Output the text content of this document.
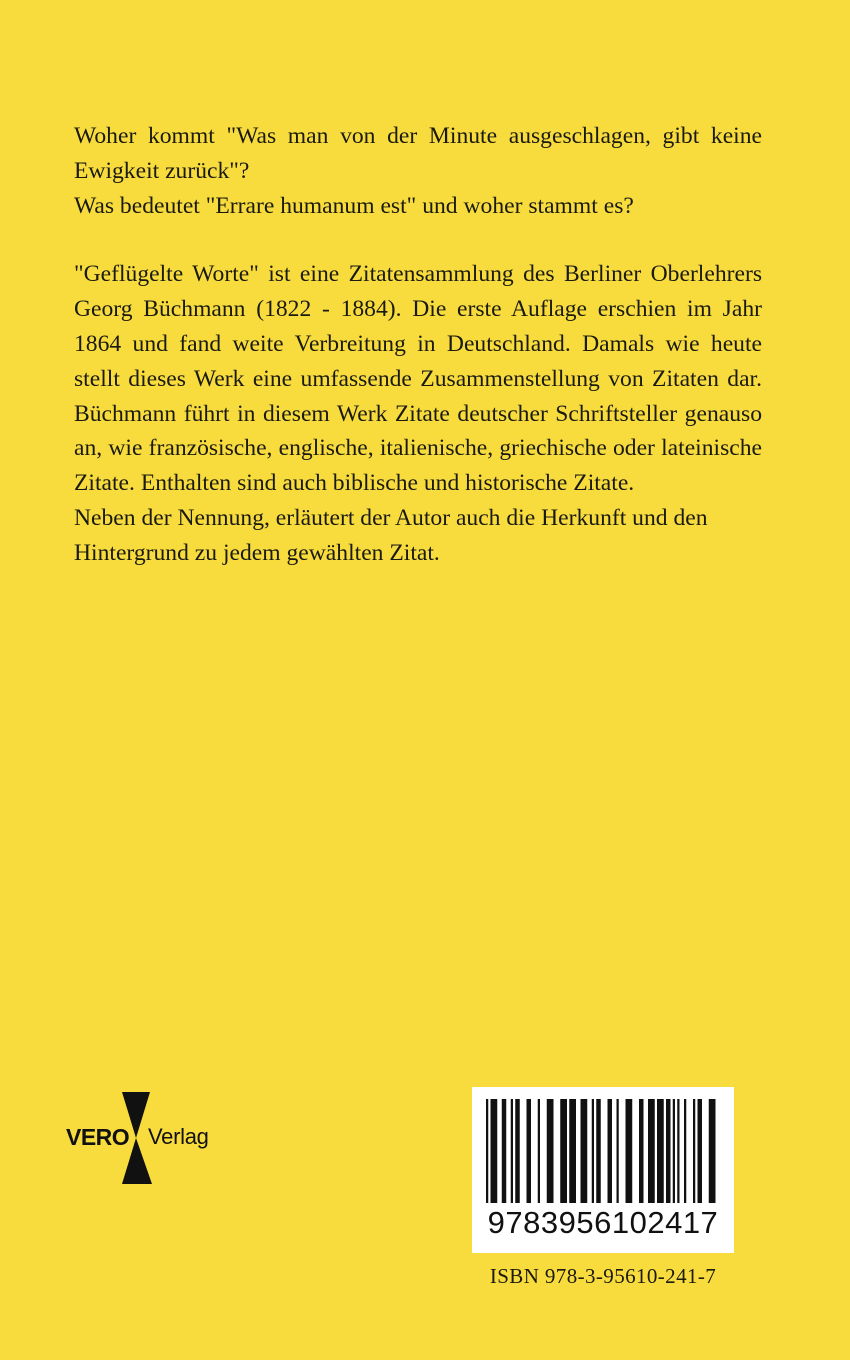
Woher kommt "Was man von der Minute ausgeschlagen, gibt keine Ewigkeit zurück"?

Was bedeutet "Errare humanum est" und woher stammt es?

"Geflügelte Worte" ist eine Zitatensammlung des Berliner Oberlehrers Georg Büchmann (1822 - 1884). Die erste Auflage erschien im Jahr 1864 und fand weite Verbreitung in Deutschland. Damals wie heute stellt dieses Werk eine umfassende Zusammenstellung von Zitaten dar. Büchmann führt in diesem Werk Zitate deutscher Schriftsteller genauso an, wie französische, englische, italienische, griechische oder lateinische Zitate. Enthalten sind auch biblische und historische Zitate.

Neben der Nennung, erläutert der Autor auch die Herkunft und den Hintergrund zu jedem gewählten Zitat.

VERO Verlag
9783956102417
ISBN 978-3-95610-241-7
